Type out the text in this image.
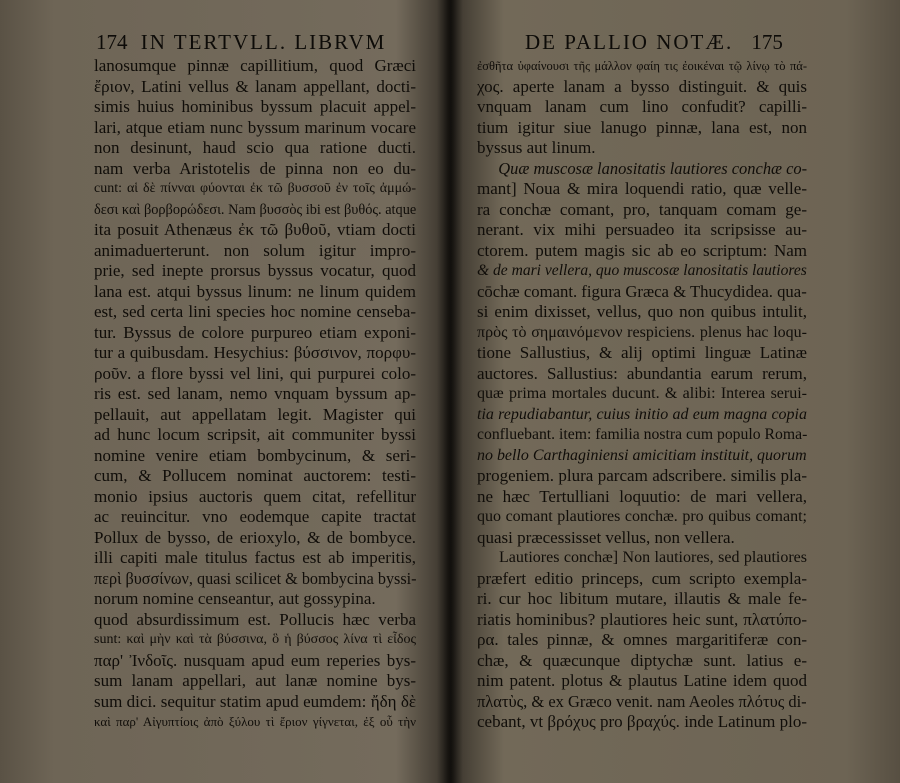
174 IN TERTVLL. LIBRVM
lanosumque pinnæ capillitium, quod Græci
ἔριον, Latini vellus & lanam appellant, docti-
simis huius hominibus byssum placuit appel-
lari, atque etiam nunc byssum marinum vocare
non desinunt, haud scio qua ratione ducti.
nam verba Aristotelis de pinna non eo du-
cunt: αἱ δὲ πίνναι φύονται ἐκ τῶ βυσσοῦ ἐν τοῖς ἀμμώ-
δεσι καὶ βορβορώδεσι. Nam βυσσὸς ibi est βυθός. atque
ita posuit Athenæus ἐκ τῶ βυθοῦ, vtiam docti
animaduerterunt. non solum igitur impro-
prie, sed inepte prorsus byssus vocatur, quod
lana est. atqui byssus linum: ne linum quidem
est, sed certa lini species hoc nomine censeba-
tur. Byssus de colore purpureo etiam exponi-
tur a quibusdam. Hesychius: βύσσινον, πορφυ-
ροῦν. a flore byssi vel lini, qui purpurei colo-
ris est. sed lanam, nemo vnquam byssum ap-
pellauit, aut appellatam legit. Magister qui
ad hunc locum scripsit, ait communiter byssi
nomine venire etiam bombycinum, & seri-
cum, & Pollucem nominat auctorem: testi-
monio ipsius auctoris quem citat, refellitur
ac reuincitur. vno eodemque capite tractat
Pollux de bysso, de erioxylo, & de bombyce.
illi capiti male titulus factus est ab imperitis,
περὶ βυσσίνων, quasi scilicet & bombycina byssi-
norum nomine censeantur, aut gossypina.
quod absurdissimum est. Pollucis hæc verba
sunt: καὶ μὴν καὶ τὰ βύσσινα, ὃ ἡ βύσσος λίνα τὶ εἶδος
παρ' Ἰνδοῖς. nusquam apud eum reperies bys-
sum lanam appellari, aut lanæ nomine bys-
sum dici. sequitur statim apud eumdem: ἤδη δὲ
καὶ παρ' Αἰγυπτίοις ἀπὸ ξύλου τὶ ἔριον γίγνεται, ἐξ οὗ τὴν
DE PALLIO NOTÆ. 175
ἐσθῆτα ὑφαίνουσι τῆς μάλλον φαίη τις ἐοικέναι τῷ λίνῳ τὸ πά-
χος. aperte lanam a bysso distinguit. & quis
vnquam lanam cum lino confudit? capilli-
tium igitur siue lanugo pinnæ, lana est, non
byssus aut linum.
Quæ muscosæ lanositatis lautiores conchæ co-
mant] Noua & mira loquendi ratio, quæ velle-
ra conchæ comant, pro, tanquam comam ge-
nerant. vix mihi persuadeo ita scripsisse au-
ctorem. putem magis sic ab eo scriptum: Nam
& de mari vellera, quo muscosæ lanositatis lautiores
cōchæ comant. figura Græca & Thucydidea. qua-
si enim dixisset, vellus, quo non quibus intulit,
πρὸς τὸ σημαινόμενον respiciens. plenus hac loqu-
tione Sallustius, & alij optimi linguæ Latinæ
auctores. Sallustius: abundantia earum rerum,
quæ prima mortales ducunt. & alibi: Interea serui-
tia repudiabantur, cuius initio ad eum magna copia
confluebant. item: familia nostra cum populo Roma-
no bello Carthaginiensi amicitiam instituit, quorum
progeniem. plura parcam adscribere. similis pla-
ne hæc Tertulliani loquutio: de mari vellera,
quo comant plautiores conchæ. pro quibus comant;
quasi præcessisset vellus, non vellera.
Lautiores conchæ] Non lautiores, sed plautiores
præfert editio princeps, cum scripto exempla-
ri. cur hoc libitum mutare, illautis & male fe-
riatis hominibus? plautiores heic sunt, πλατύπο-
ρα. tales pinnæ, & omnes margaritiferæ con-
chæ, & quæcunque diptychæ sunt. latius e-
nim patent. plotus & plautus Latine idem quod
πλατὺς, & ex Græco venit. nam Aeoles πλότυς di-
cebant, vt βρόχυς pro βραχύς. inde Latinum plo-
